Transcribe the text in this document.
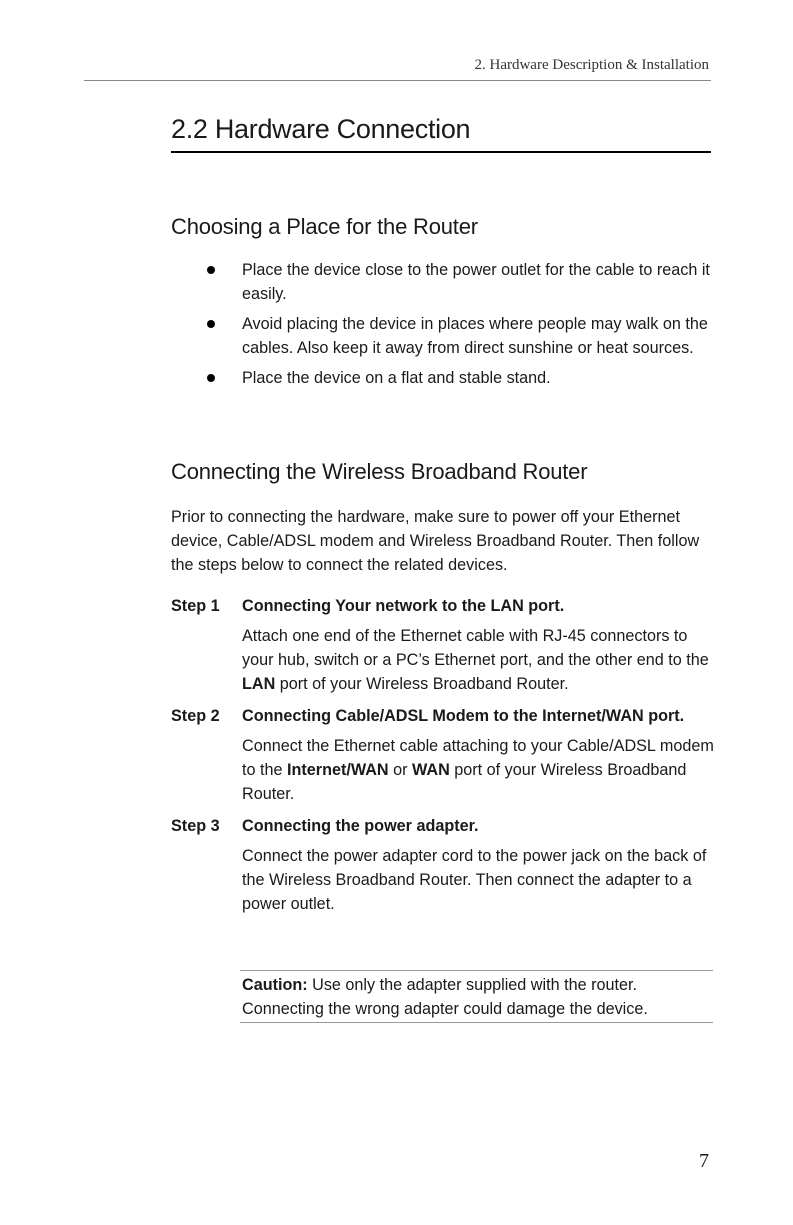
2. Hardware Description & Installation
2.2 Hardware Connection
Choosing a Place for the Router
Place the device close to the power outlet for the cable to reach it easily.
Avoid placing the device in places where people may walk on the cables. Also keep it away from direct sunshine or heat sources.
Place the device on a flat and stable stand.
Connecting the Wireless Broadband Router

Prior to connecting the hardware, make sure to power off your Ethernet device, Cable/ADSL modem and Wireless Broadband Router. Then follow the steps below to connect the related devices.

Step 1 Connecting Your network to the LAN port.

Attach one end of the Ethernet cable with RJ-45 connectors to your hub, switch or a PC’s Ethernet port, and the other end to the LAN port of your Wireless Broadband Router.

Step 2 Connecting Cable/ADSL Modem to the Internet/WAN port.

Connect the Ethernet cable attaching to your Cable/ADSL modem to the Internet/WAN or WAN port of your Wireless Broadband Router.

Step 3 Connecting the power adapter.

Connect the power adapter cord to the power jack on the back of the Wireless Broadband Router. Then connect the adapter to a power outlet.

Caution: Use only the adapter supplied with the router. Connecting the wrong adapter could damage the device.
7
